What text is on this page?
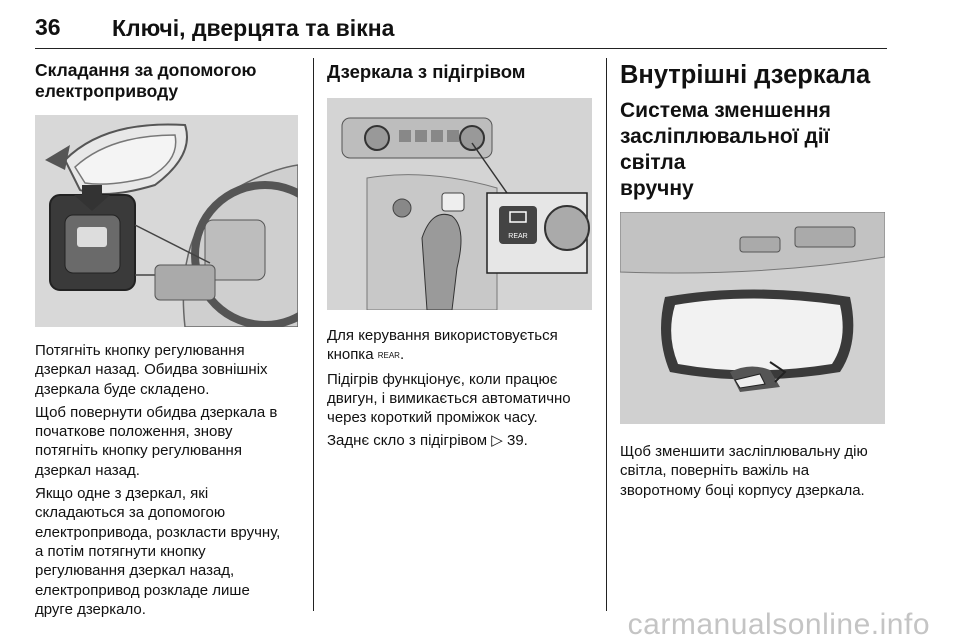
36 Ключі, дверцята та вікна
Складання за допомогою
електроприводу

Потягніть кнопку регулювання
дзеркал назад. Обидва зовнішніх
дзеркала буде складено.

Щоб повернути обидва дзеркала в
початкове положення, знову
потягніть кнопку регулювання
дзеркал назад.

Якщо одне з дзеркал, які
складаються за допомогою
електропривода, розкласти вручну,
а потім потягнути кнопку
регулювання дзеркал назад,
електропривод розкладе лише
друге дзеркало.

Дзеркала з підігрівом
REAR

Для керування використовується
кнопка REAR.

Підігрів функціонує, коли працює
двигун, і вимикається автоматично
через короткий проміжок часу.

Заднє скло з підігрівом ▷ 39.

Внутрішні дзеркала
Система зменшення
засліплювальної дії світла
вручну

Щоб зменшити засліплювальну дію
світла, поверніть важіль на
зворотному боці корпусу дзеркала.

carmanualsonline.info
